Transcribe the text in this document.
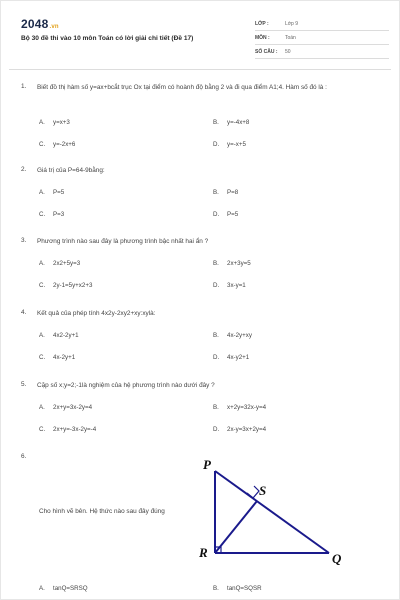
2048.vn
Bộ 30 đề thi vào 10 môn Toán có lời giải chi tiết (Đề 17)
LỚP :	Lớp 9
MÔN :	Toán
SỐ CÂU :	50
1. Biết đồ thị hàm số y=ax+bcắt trục Ox tại điểm có hoành độ bằng 2 và đi qua điểm A1;4. Hàm số đó là :
A. y=x+3	B. y=-4x+8
C. y=-2x+6	D. y=-x+5
2. Giá trị của P=64-9bằng:
A. P=5	B. P=8
C. P=3	D. P=5
3. Phương trình nào sau đây là phương trình bậc nhất hai ẩn ?
A. 2x2+5y=3	B. 2x+3y=5
C. 2y-1=5y+x2+3	D. 3x-y=1
4. Kết quả của phép tính 4x2y-2xy2+xy:xylà:
A. 4x2-2y+1	B. 4x-2y+xy
C. 4x-2y+1	D. 4x-y2+1
5. Cặp số x;y=2;-1là nghiệm của hệ phương trình nào dưới đây ?
A. 2x+y=3x-2y=4	B. x+2y=32x-y=4
C. 2x+y=-3x-2y=-4	D. 2x-y=3x+2y=4
6.
Cho hình vẽ bên. Hệ thức nào sau đây đúng
P
S
R	Q
A. tanQ=SRSQ	B. tanQ=SQSR
